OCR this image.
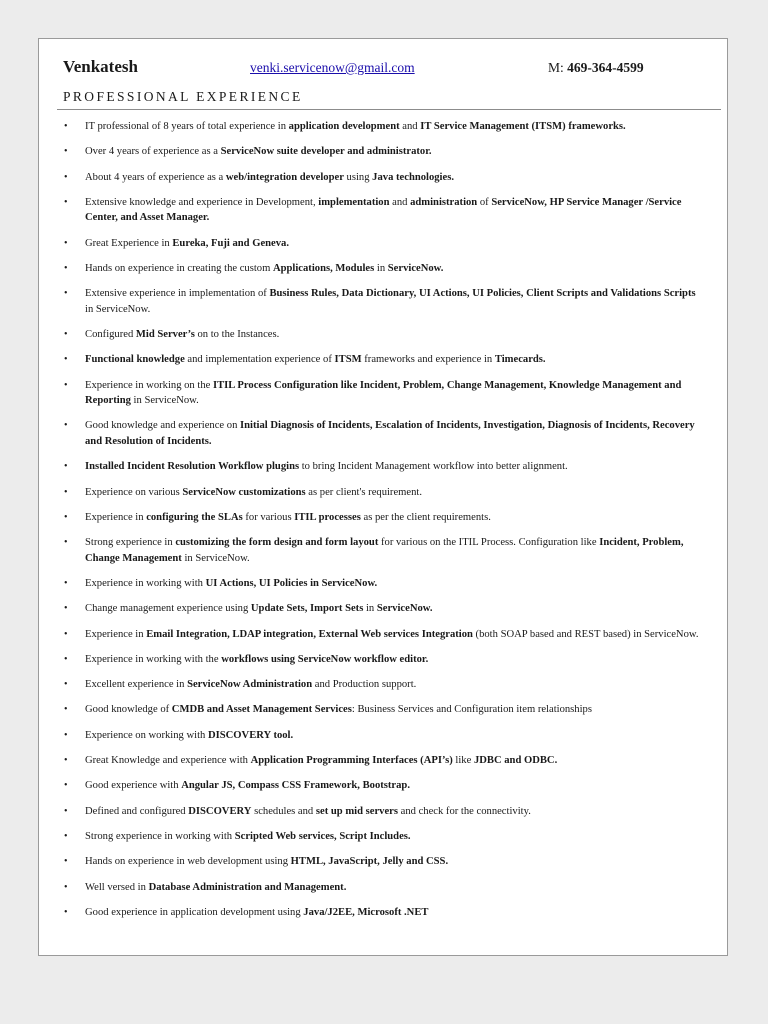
Venkatesh	venki.servicenow@gmail.com	M: 469-364-4599
PROFESSIONAL EXPERIENCE
• IT professional of 8 years of total experience in application development and IT Service Management (ITSM) frameworks.
• Over 4 years of experience as a ServiceNow suite developer and administrator.
• About 4 years of experience as a web/integration developer using Java technologies.
• Extensive knowledge and experience in Development, implementation and administration of ServiceNow, HP Service Manager /Service Center, and Asset Manager.
• Great Experience in Eureka, Fuji and Geneva.
• Hands on experience in creating the custom Applications, Modules in ServiceNow.
• Extensive experience in implementation of Business Rules, Data Dictionary, UI Actions, UI Policies, Client Scripts and Validations Scripts in ServiceNow.
• Configured Mid Server’s on to the Instances.
• Functional knowledge and implementation experience of ITSM frameworks and experience in Timecards.
• Experience in working on the ITIL Process Configuration like Incident, Problem, Change Management, Knowledge Management and Reporting in ServiceNow.
• Good knowledge and experience on Initial Diagnosis of Incidents, Escalation of Incidents, Investigation, Diagnosis of Incidents, Recovery and Resolution of Incidents.
• Installed Incident Resolution Workflow plugins to bring Incident Management workflow into better alignment.
• Experience on various ServiceNow customizations as per client's requirement.
• Experience in configuring the SLAs for various ITIL processes as per the client requirements.
• Strong experience in customizing the form design and form layout for various on the ITIL Process. Configuration like Incident, Problem, Change Management in ServiceNow.
• Experience in working with UI Actions, UI Policies in ServiceNow.
• Change management experience using Update Sets, Import Sets in ServiceNow.
• Experience in Email Integration, LDAP integration, External Web services Integration (both SOAP based and REST based) in ServiceNow.
• Experience in working with the workflows using ServiceNow workflow editor.
• Excellent experience in ServiceNow Administration and Production support.
• Good knowledge of CMDB and Asset Management Services: Business Services and Configuration item relationships
• Experience on working with DISCOVERY tool.
• Great Knowledge and experience with Application Programming Interfaces (API’s) like JDBC and ODBC.
• Good experience with Angular JS, Compass CSS Framework, Bootstrap.
• Defined and configured DISCOVERY schedules and set up mid servers and check for the connectivity.
• Strong experience in working with Scripted Web services, Script Includes.
• Hands on experience in web development using HTML, JavaScript, Jelly and CSS.
• Well versed in Database Administration and Management.
• Good experience in application development using Java/J2EE, Microsoft .NET
